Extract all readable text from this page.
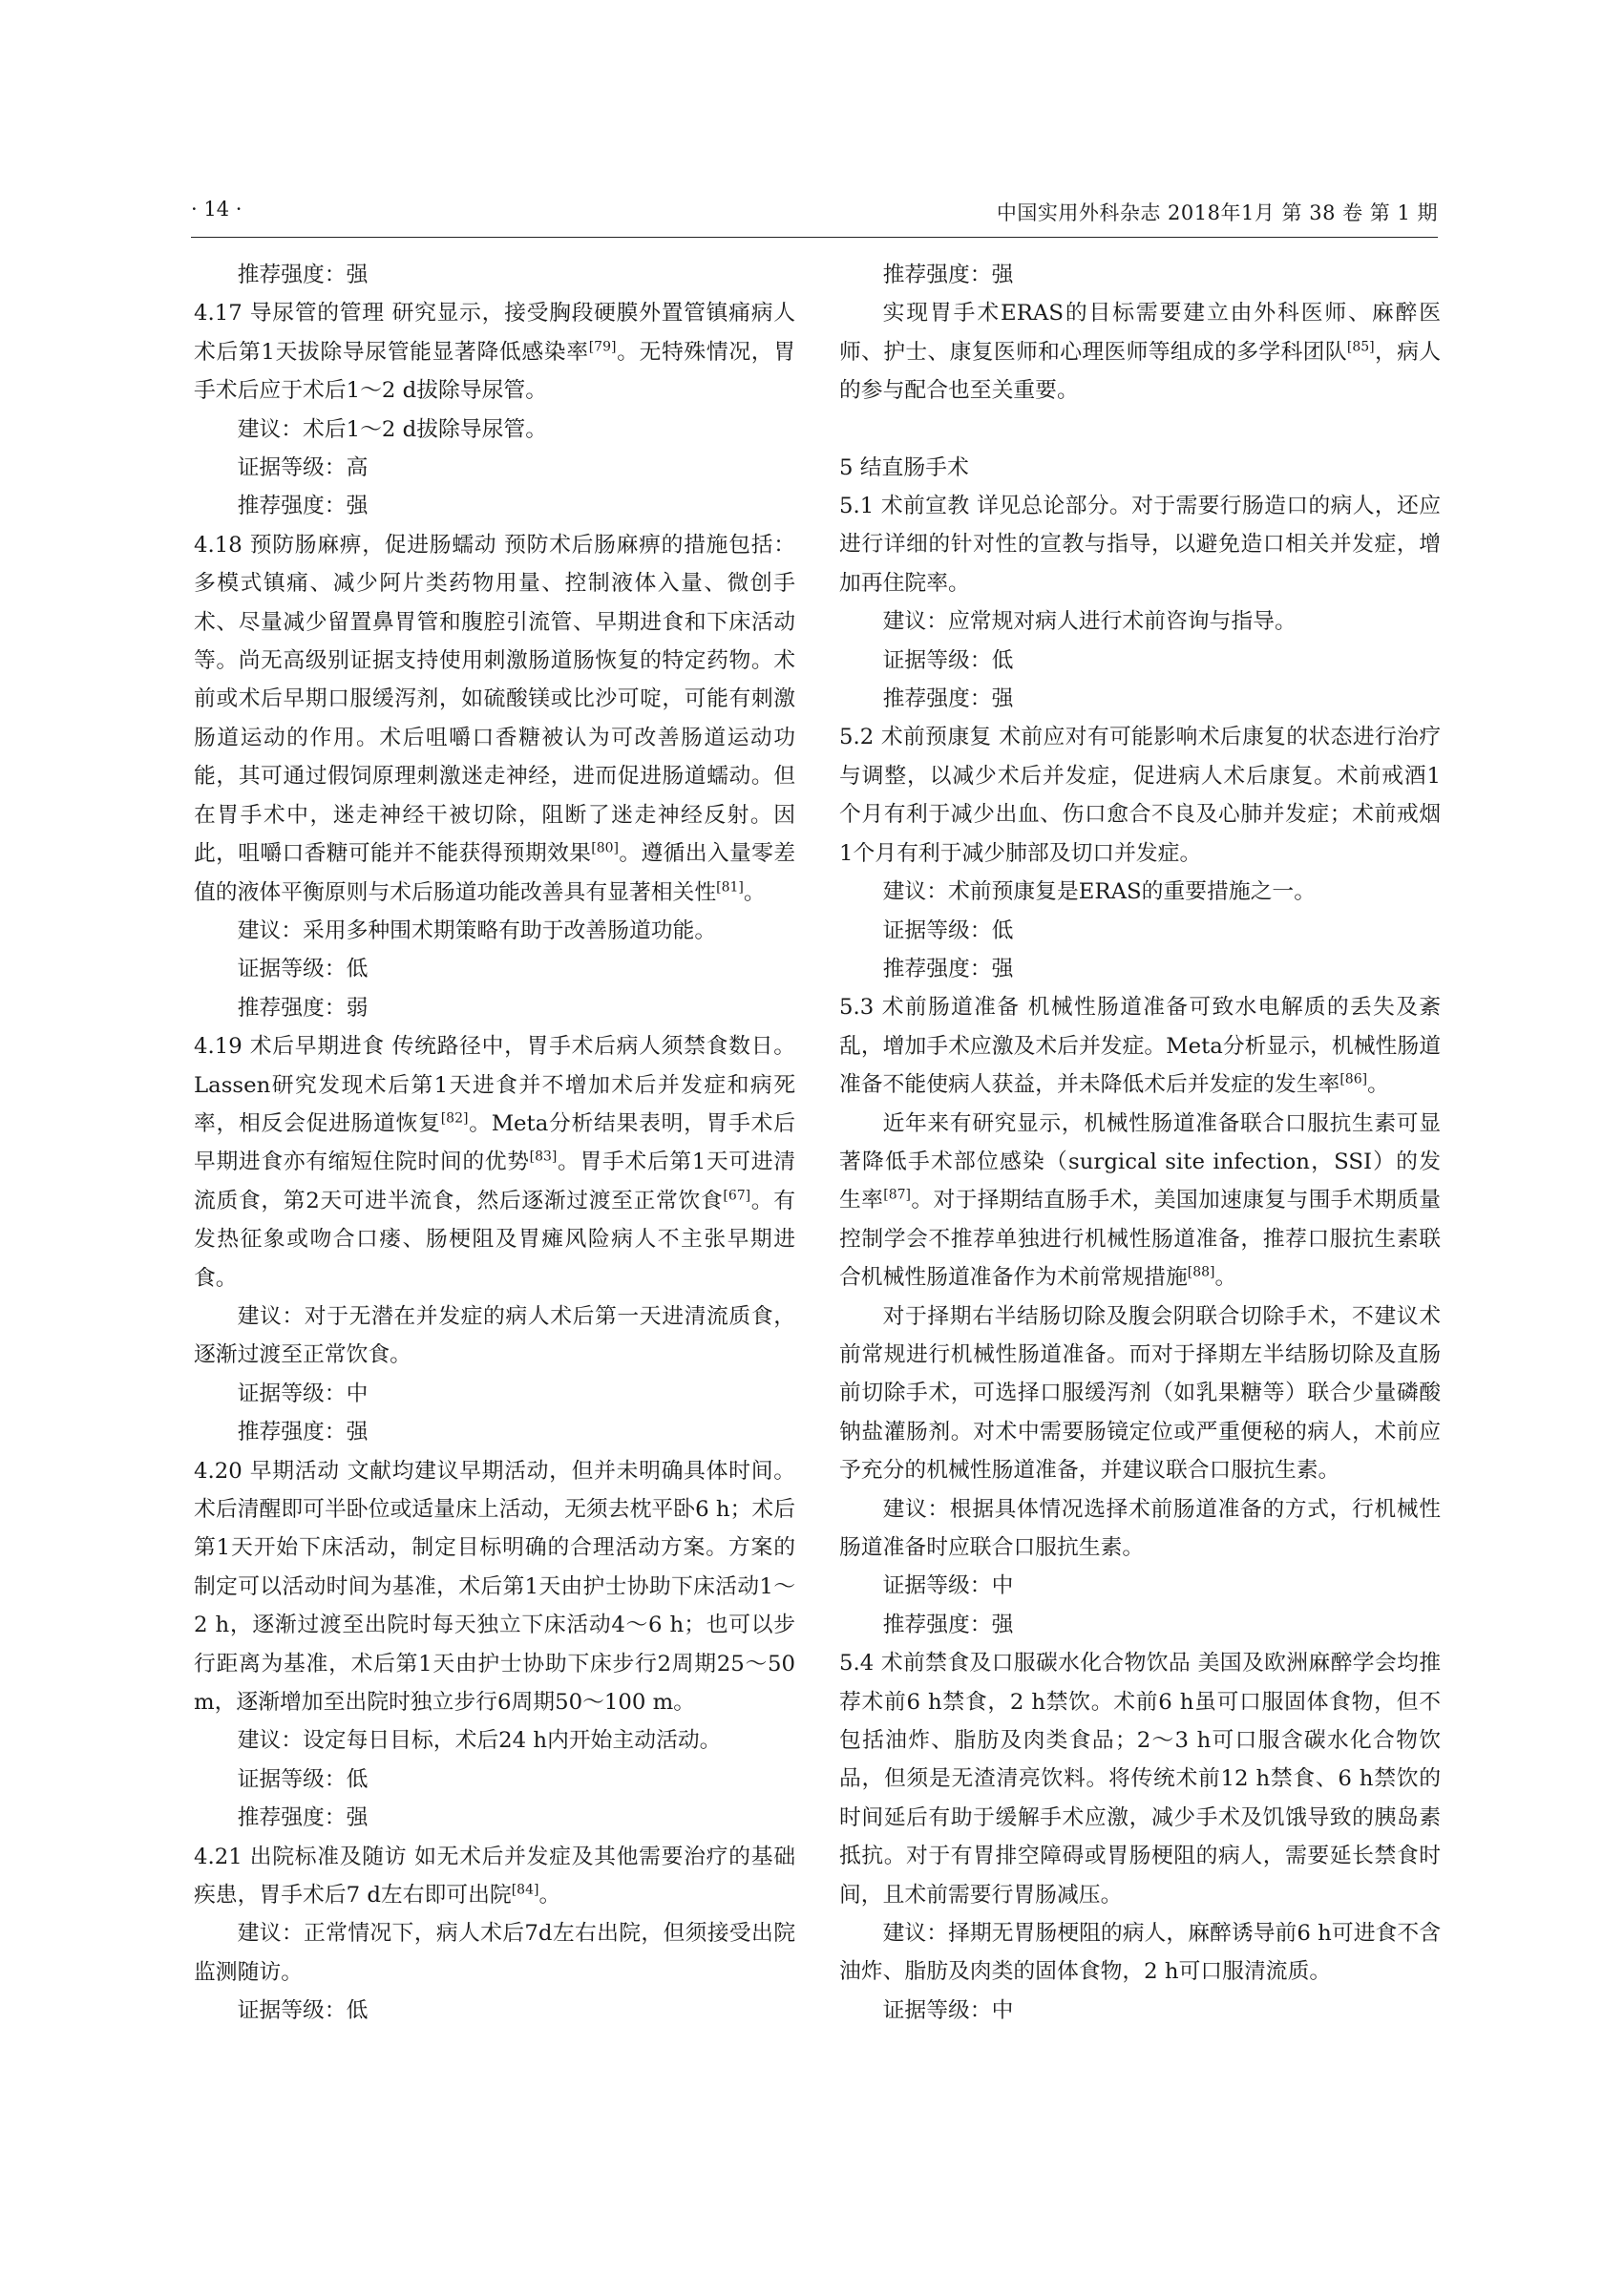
· 14 ·	中国实用外科杂志 2018年1月 第 38 卷 第 1 期

推荐强度：强

4.17 导尿管的管理 研究显示，接受胸段硬膜外置管镇痛病人术后第1天拔除导尿管能显著降低感染率[79]。无特殊情况，胃手术后应于术后1～2 d拔除导尿管。

建议：术后1～2 d拔除导尿管。

证据等级：高

推荐强度：强

4.18 预防肠麻痹，促进肠蠕动 预防术后肠麻痹的措施包括：多模式镇痛、减少阿片类药物用量、控制液体入量、微创手术、尽量减少留置鼻胃管和腹腔引流管、早期进食和下床活动等。尚无高级别证据支持使用刺激肠道肠恢复的特定药物。术前或术后早期口服缓泻剂，如硫酸镁或比沙可啶，可能有刺激肠道运动的作用。术后咀嚼口香糖被认为可改善肠道运动功能，其可通过假饲原理刺激迷走神经，进而促进肠道蠕动。但在胃手术中，迷走神经干被切除，阻断了迷走神经反射。因此，咀嚼口香糖可能并不能获得预期效果[80]。遵循出入量零差值的液体平衡原则与术后肠道功能改善具有显著相关性[81]。

建议：采用多种围术期策略有助于改善肠道功能。

证据等级：低

推荐强度：弱

4.19 术后早期进食 传统路径中，胃手术后病人须禁食数日。Lassen研究发现术后第1天进食并不增加术后并发症和病死率，相反会促进肠道恢复[82]。Meta分析结果表明，胃手术后早期进食亦有缩短住院时间的优势[83]。胃手术后第1天可进清流质食，第2天可进半流食，然后逐渐过渡至正常饮食[67]。有发热征象或吻合口瘘、肠梗阻及胃瘫风险病人不主张早期进食。

建议：对于无潜在并发症的病人术后第一天进清流质食，逐渐过渡至正常饮食。

证据等级：中

推荐强度：强

4.20 早期活动 文献均建议早期活动，但并未明确具体时间。术后清醒即可半卧位或适量床上活动，无须去枕平卧6 h；术后第1天开始下床活动，制定目标明确的合理活动方案。方案的制定可以活动时间为基准，术后第1天由护士协助下床活动1～2 h，逐渐过渡至出院时每天独立下床活动4～6 h；也可以步行距离为基准，术后第1天由护士协助下床步行2周期25～50 m，逐渐增加至出院时独立步行6周期50～100 m。

建议：设定每日目标，术后24 h内开始主动活动。

证据等级：低

推荐强度：强

4.21 出院标准及随访 如无术后并发症及其他需要治疗的基础疾患，胃手术后7 d左右即可出院[84]。

建议：正常情况下，病人术后7d左右出院，但须接受出院监测随访。

证据等级：低

推荐强度：强

实现胃手术ERAS的目标需要建立由外科医师、麻醉医师、护士、康复医师和心理医师等组成的多学科团队[85]，病人的参与配合也至关重要。

5 结直肠手术

5.1 术前宣教 详见总论部分。对于需要行肠造口的病人，还应进行详细的针对性的宣教与指导，以避免造口相关并发症，增加再住院率。

建议：应常规对病人进行术前咨询与指导。

证据等级：低

推荐强度：强

5.2 术前预康复 术前应对有可能影响术后康复的状态进行治疗与调整，以减少术后并发症，促进病人术后康复。术前戒酒1个月有利于减少出血、伤口愈合不良及心肺并发症；术前戒烟1个月有利于减少肺部及切口并发症。

建议：术前预康复是ERAS的重要措施之一。

证据等级：低

推荐强度：强

5.3 术前肠道准备 机械性肠道准备可致水电解质的丢失及紊乱，增加手术应激及术后并发症。Meta分析显示，机械性肠道准备不能使病人获益，并未降低术后并发症的发生率[86]。

近年来有研究显示，机械性肠道准备联合口服抗生素可显著降低手术部位感染（surgical site infection，SSI）的发生率[87]。对于择期结直肠手术，美国加速康复与围手术期质量控制学会不推荐单独进行机械性肠道准备，推荐口服抗生素联合机械性肠道准备作为术前常规措施[88]。

对于择期右半结肠切除及腹会阴联合切除手术，不建议术前常规进行机械性肠道准备。而对于择期左半结肠切除及直肠前切除手术，可选择口服缓泻剂（如乳果糖等）联合少量磷酸钠盐灌肠剂。对术中需要肠镜定位或严重便秘的病人，术前应予充分的机械性肠道准备，并建议联合口服抗生素。

建议：根据具体情况选择术前肠道准备的方式，行机械性肠道准备时应联合口服抗生素。

证据等级：中

推荐强度：强

5.4 术前禁食及口服碳水化合物饮品 美国及欧洲麻醉学会均推荐术前6 h禁食，2 h禁饮。术前6 h虽可口服固体食物，但不包括油炸、脂肪及肉类食品；2～3 h可口服含碳水化合物饮品，但须是无渣清亮饮料。将传统术前12 h禁食、6 h禁饮的时间延后有助于缓解手术应激，减少手术及饥饿导致的胰岛素抵抗。对于有胃排空障碍或胃肠梗阻的病人，需要延长禁食时间，且术前需要行胃肠减压。

建议：择期无胃肠梗阻的病人，麻醉诱导前6 h可进食不含油炸、脂肪及肉类的固体食物，2 h可口服清流质。

证据等级：中
